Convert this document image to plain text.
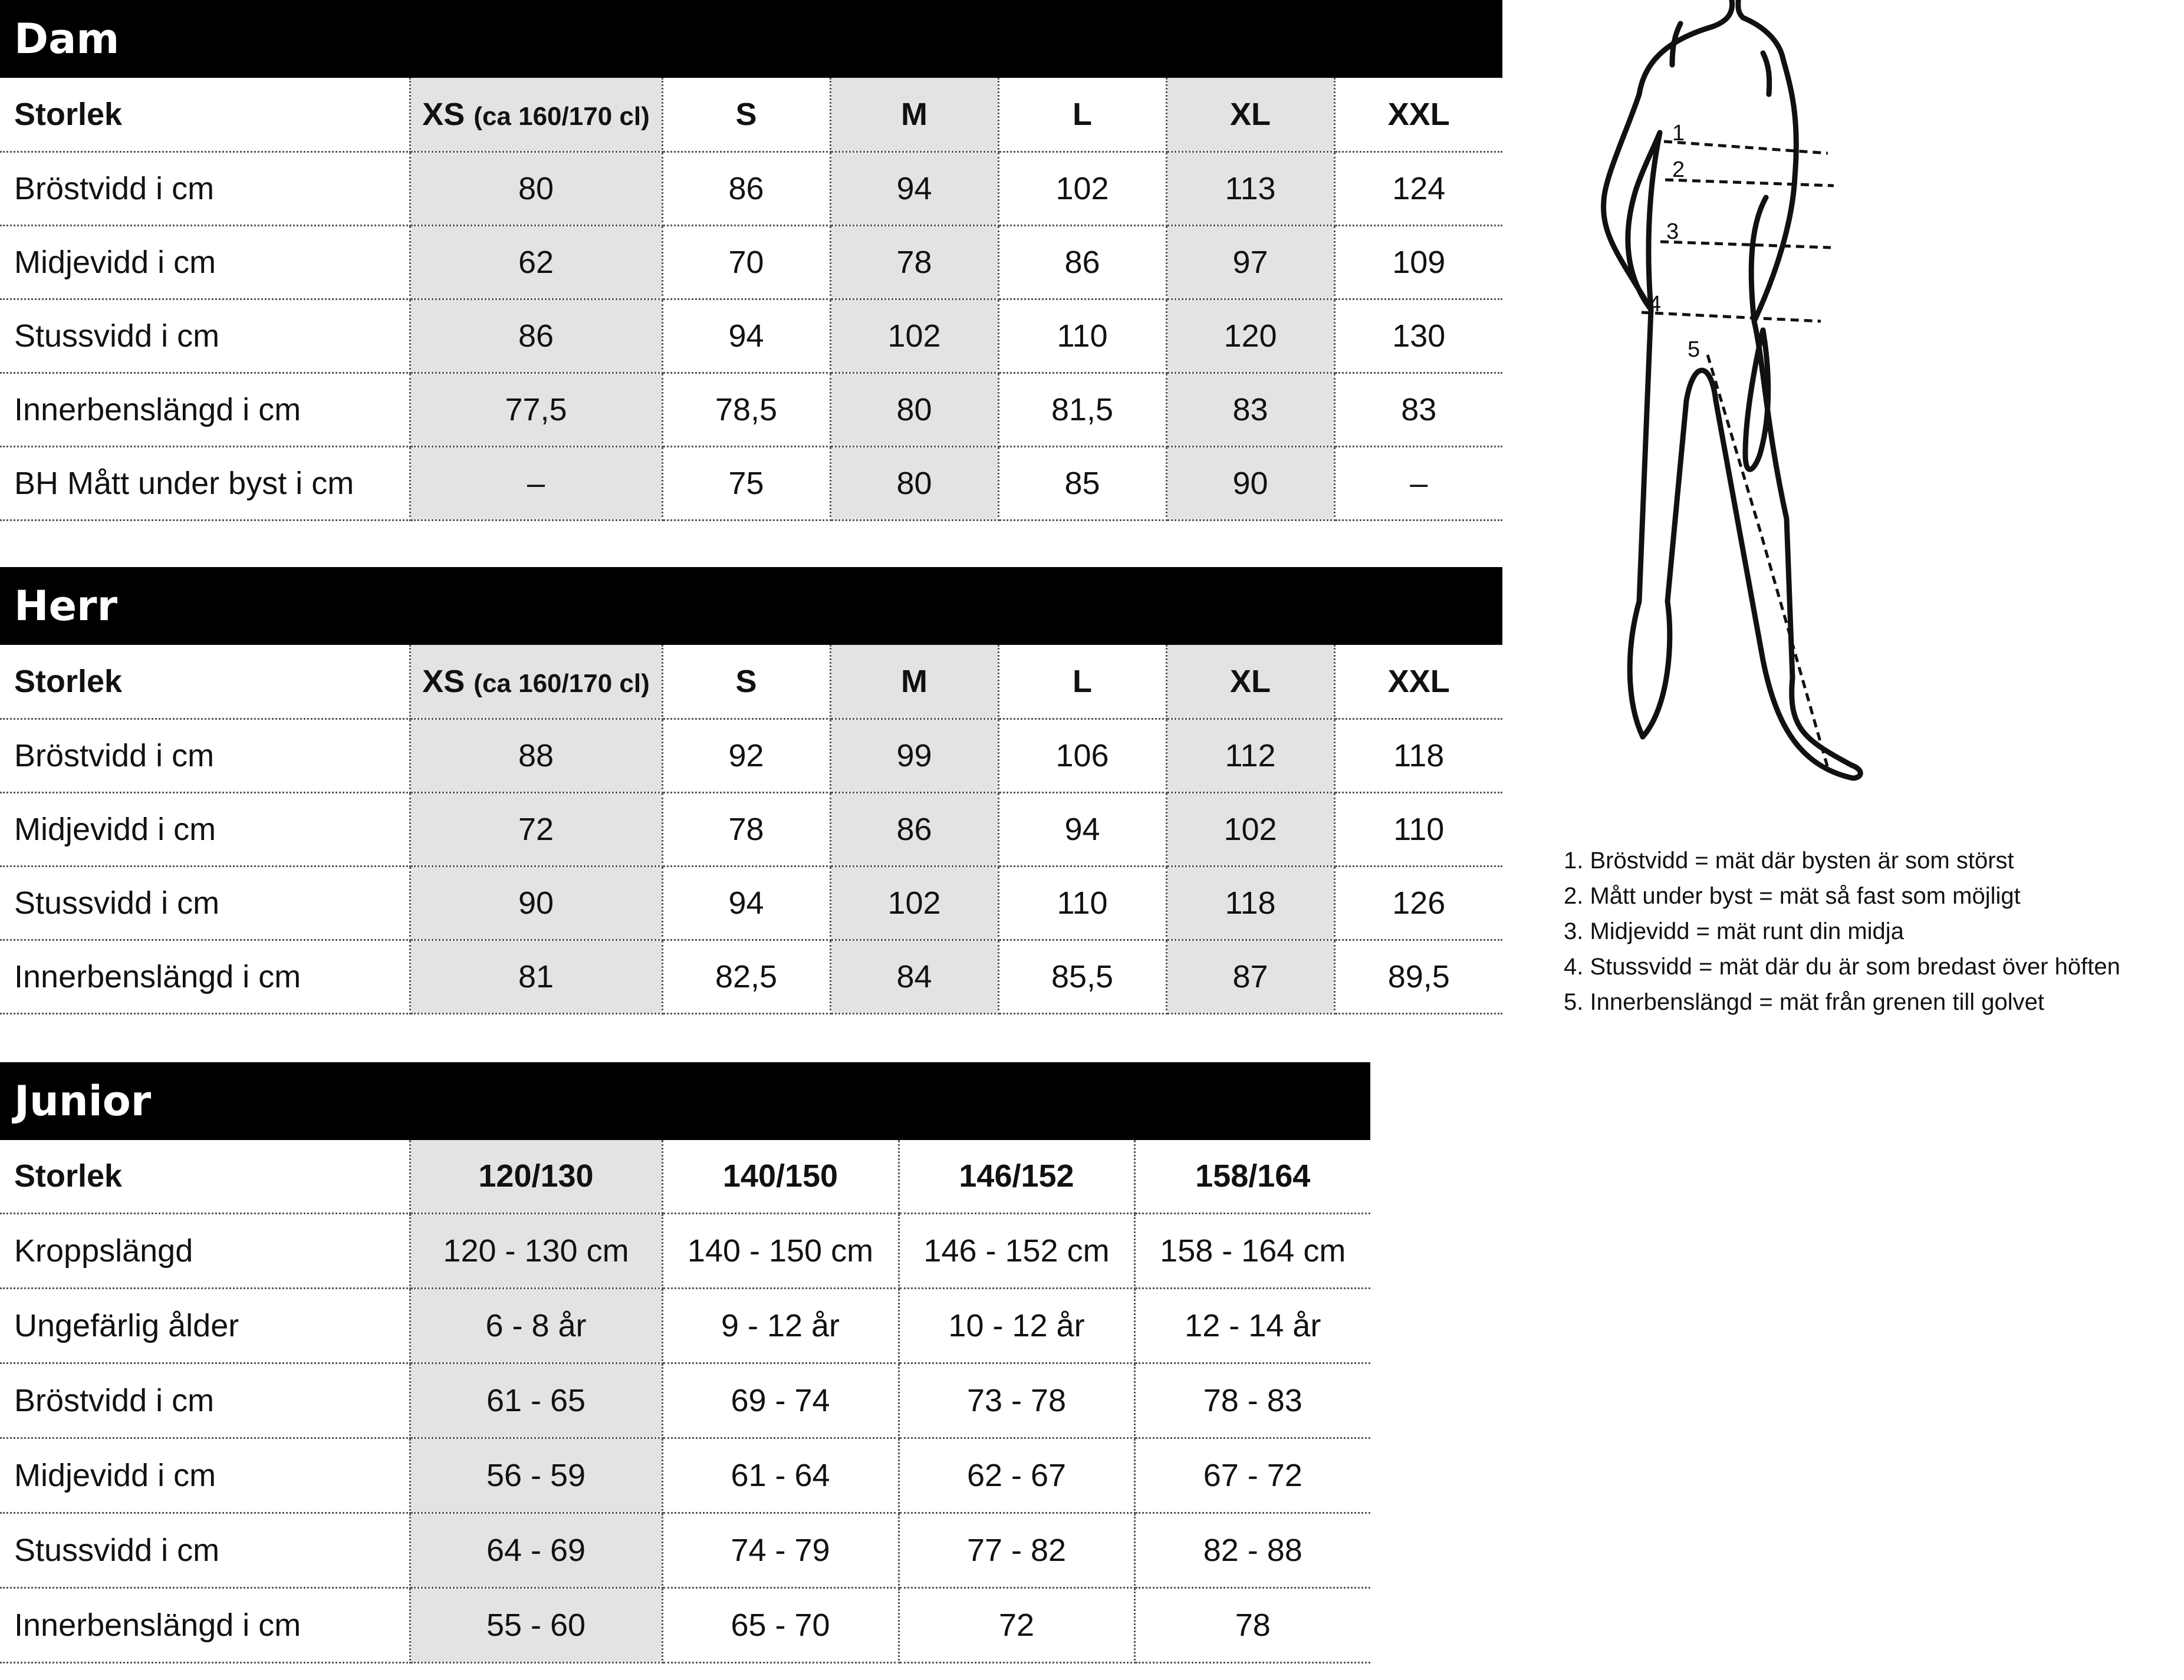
Dam
Storlek	XS (ca 160/170 cl)	S	M	L	XL	XXL
Bröstvidd i cm	80	86	94	102	113	124
Midjevidd i cm	62	70	78	86	97	109
Stussvidd i cm	86	94	102	110	120	130
Innerbenslängd i cm	77,5	78,5	80	81,5	83	83
BH Mått under byst i cm	–	75	80	85	90	–
Herr
Storlek	XS (ca 160/170 cl)	S	M	L	XL	XXL
Bröstvidd i cm	88	92	99	106	112	118
Midjevidd i cm	72	78	86	94	102	110
Stussvidd i cm	90	94	102	110	118	126
Innerbenslängd i cm	81	82,5	84	85,5	87	89,5
Junior
Storlek	120/130	140/150	146/152	158/164
Kroppslängd	120 - 130 cm	140 - 150 cm	146 - 152 cm	158 - 164 cm
Ungefärlig ålder	6 - 8 år	9 - 12 år	10 - 12 år	12 - 14 år
Bröstvidd i cm	61 - 65	69 - 74	73 - 78	78 - 83
Midjevidd i cm	56 - 59	61 - 64	62 - 67	67 - 72
Stussvidd i cm	64 - 69	74 - 79	77 - 82	82 - 88
Innerbenslängd i cm	55 - 60	65 - 70	72	78
1
2
3
4
5
1. Bröstvidd = mät där bysten är som störst
2. Mått under byst = mät så fast som möjligt
3. Midjevidd = mät runt din midja
4. Stussvidd = mät där du är som bredast över höften
5. Innerbenslängd = mät från grenen till golvet
